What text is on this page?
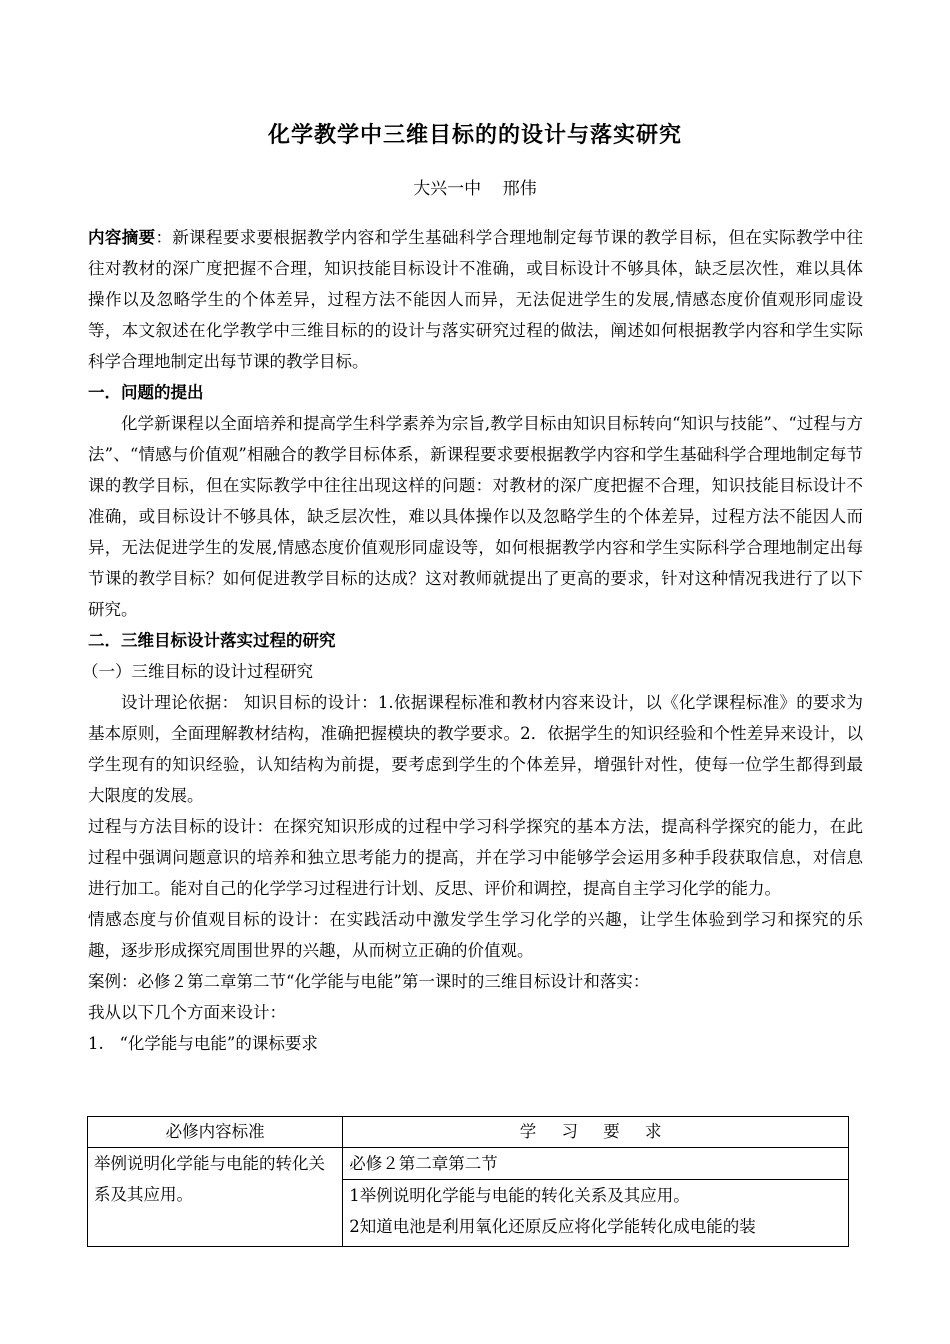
化学教学中三维目标的的设计与落实研究
大兴一中    邢伟

内容摘要：新课程要求要根据教学内容和学生基础科学合理地制定每节课的教学目标，但在实际教学中往往对教材的深广度把握不合理，知识技能目标设计不准确，或目标设计不够具体，缺乏层次性，难以具体操作以及忽略学生的个体差异，过程方法不能因人而异，无法促进学生的发展,情感态度价值观形同虚设等，本文叙述在化学教学中三维目标的的设计与落实研究过程的做法，阐述如何根据教学内容和学生实际科学合理地制定出每节课的教学目标。

一．问题的提出

化学新课程以全面培养和提高学生科学素养为宗旨,教学目标由知识目标转向“知识与技能”、“过程与方法”、“情感与价值观”相融合的教学目标体系，新课程要求要根据教学内容和学生基础科学合理地制定每节课的教学目标，但在实际教学中往往出现这样的问题：对教材的深广度把握不合理，知识技能目标设计不准确，或目标设计不够具体，缺乏层次性，难以具体操作以及忽略学生的个体差异，过程方法不能因人而异，无法促进学生的发展,情感态度价值观形同虚设等，如何根据教学内容和学生实际科学合理地制定出每节课的教学目标？如何促进教学目标的达成？这对教师就提出了更高的要求，针对这种情况我进行了以下研究。

二．三维目标设计落实过程的研究

（一）三维目标的设计过程研究

设计理论依据： 知识目标的设计：1.依据课程标准和教材内容来设计，以《化学课程标准》的要求为基本原则，全面理解教材结构，准确把握模块的教学要求。2．依据学生的知识经验和个性差异来设计，以学生现有的知识经验，认知结构为前提，要考虑到学生的个体差异，增强针对性，使每一位学生都得到最大限度的发展。

过程与方法目标的设计：在探究知识形成的过程中学习科学探究的基本方法，提高科学探究的能力，在此过程中强调问题意识的培养和独立思考能力的提高，并在学习中能够学会运用多种手段获取信息，对信息进行加工。能对自己的化学学习过程进行计划、反思、评价和调控，提高自主学习化学的能力。

情感态度与价值观目标的设计：在实践活动中激发学生学习化学的兴趣，让学生体验到学习和探究的乐趣，逐步形成探究周围世界的兴趣，从而树立正确的价值观。

案例：必修２第二章第二节“化学能与电能”第一课时的三维目标设计和落实：

我从以下几个方面来设计：

1.   “化学能与电能”的课标要求

必修内容标准	学 习 要 求

举例说明化学能与电能的转化关系及其应用。	必修２第二章第二节
1举例说明化学能与电能的转化关系及其应用。
2知道电池是利用氧化还原反应将化学能转化成电能的装
